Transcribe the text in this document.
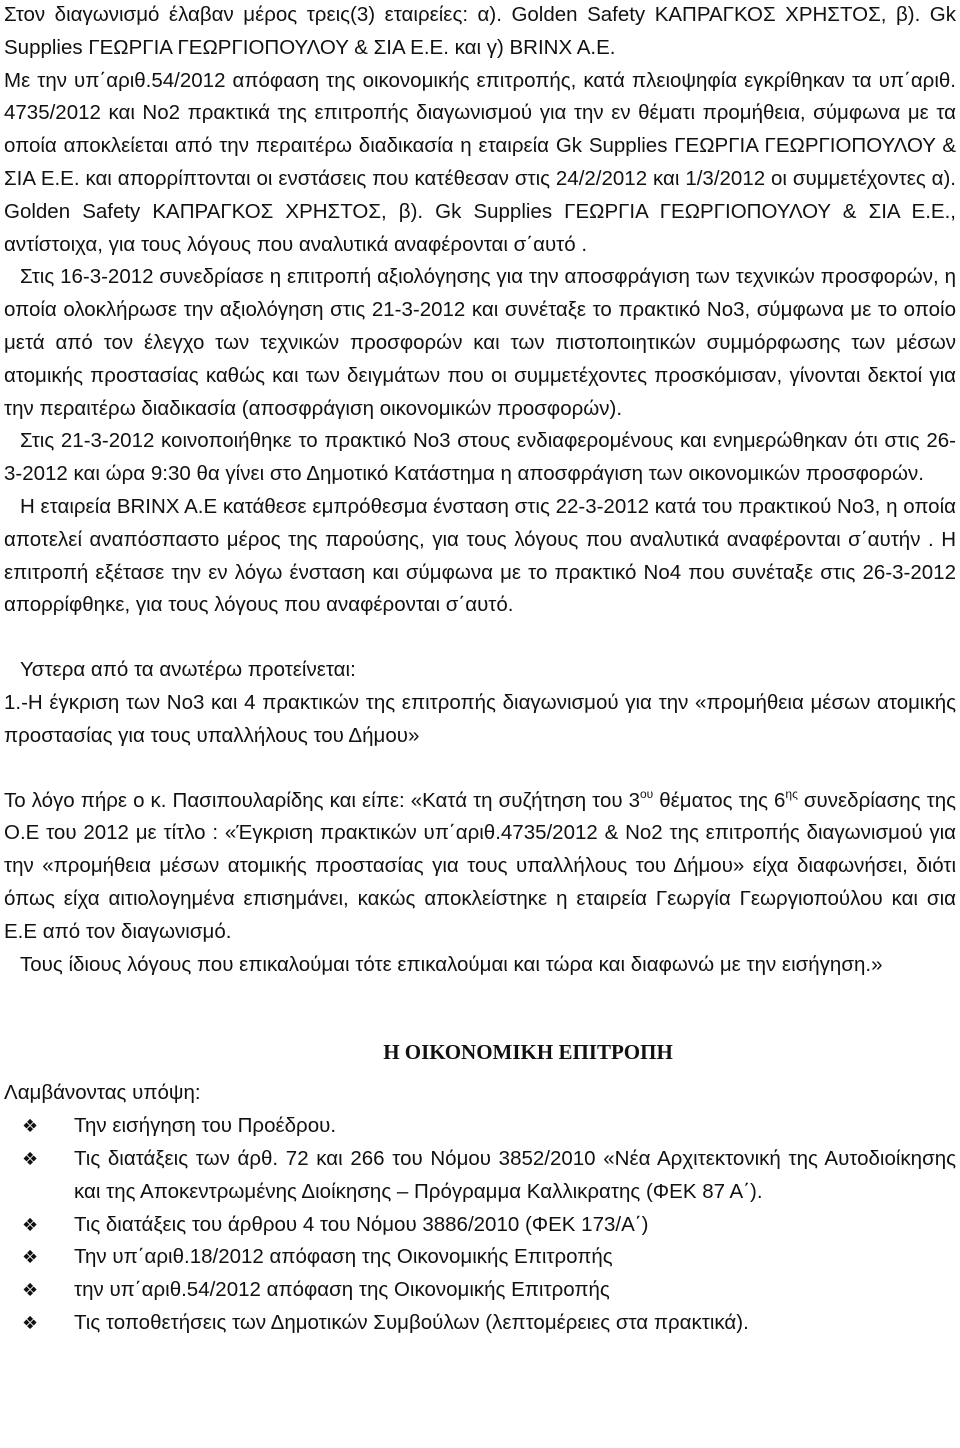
Στον διαγωνισμό έλαβαν μέρος τρεις(3) εταιρείες: α). Golden Safety ΚΑΠΡΑΓΚΟΣ ΧΡΗΣΤΟΣ, β). Gk Supplies ΓΕΩΡΓΙΑ ΓΕΩΡΓΙΟΠΟΥΛΟΥ & ΣΙΑ Ε.Ε. και γ) BRINX A.E.

Με την υπ΄αριθ.54/2012 απόφαση της οικονομικής επιτροπής, κατά πλειοψηφία εγκρίθηκαν τα υπ΄αριθ. 4735/2012 και Νο2 πρακτικά της επιτροπής διαγωνισμού για την εν θέματι προμήθεια, σύμφωνα με τα οποία αποκλείεται από την περαιτέρω διαδικασία η εταιρεία Gk Supplies ΓΕΩΡΓΙΑ ΓΕΩΡΓΙΟΠΟΥΛΟΥ & ΣΙΑ Ε.Ε. και απορρίπτονται οι ενστάσεις που κατέθεσαν στις 24/2/2012 και 1/3/2012 οι συμμετέχοντες α). Golden Safety ΚΑΠΡΑΓΚΟΣ ΧΡΗΣΤΟΣ, β). Gk Supplies ΓΕΩΡΓΙΑ ΓΕΩΡΓΙΟΠΟΥΛΟΥ & ΣΙΑ Ε.Ε., αντίστοιχα, για τους λόγους που αναλυτικά αναφέρονται σ΄αυτό .

Στις 16-3-2012 συνεδρίασε η επιτροπή αξιολόγησης για την αποσφράγιση των τεχνικών προσφορών, η οποία ολοκλήρωσε την αξιολόγηση στις 21-3-2012 και συνέταξε το πρακτικό Νο3, σύμφωνα με το οποίο μετά από τον έλεγχο των τεχνικών προσφορών και των πιστοποιητικών συμμόρφωσης των μέσων ατομικής προστασίας καθώς και των δειγμάτων που οι συμμετέχοντες προσκόμισαν, γίνονται δεκτοί για την περαιτέρω διαδικασία (αποσφράγιση οικονομικών προσφορών).

Στις 21-3-2012 κοινοποιήθηκε το πρακτικό Νο3 στους ενδιαφερομένους και ενημερώθηκαν ότι στις 26-3-2012 και ώρα 9:30 θα γίνει στο Δημοτικό Κατάστημα η αποσφράγιση των οικονομικών προσφορών.

Η εταιρεία BRINX A.E κατάθεσε εμπρόθεσμα ένσταση στις 22-3-2012 κατά του πρακτικού Νο3, η οποία αποτελεί αναπόσπαστο μέρος της παρούσης, για τους λόγους που αναλυτικά αναφέρονται σ΄αυτήν . Η επιτροπή εξέτασε την εν λόγω ένσταση και σύμφωνα με το πρακτικό Νο4 που συνέταξε στις 26-3-2012 απορρίφθηκε, για τους λόγους που αναφέρονται σ΄αυτό.

Υστερα από τα ανωτέρω προτείνεται:

1.-Η έγκριση των Νο3 και 4 πρακτικών της επιτροπής διαγωνισμού για την «προμήθεια μέσων ατομικής προστασίας για τους υπαλλήλους του Δήμου»

Το λόγο πήρε ο κ. Πασιπουλαρίδης και είπε: «Κατά τη συζήτηση του $3^{o\upsilon}$ θέματος της $6^{\eta\varsigma}$ συνεδρίασης της Ο.Ε του 2012 με τίτλο : «Έγκριση πρακτικών υπ΄αριθ.4735/2012 & Νο2 της επιτροπής διαγωνισμού για την «προμήθεια μέσων ατομικής προστασίας για τους υπαλλήλους του Δήμου» είχα διαφωνήσει, διότι όπως είχα αιτιολογημένα επισημάνει, κακώς αποκλείστηκε η εταιρεία Γεωργία Γεωργιοπούλου και σια Ε.Ε από τον διαγωνισμό.

Τους ίδιους λόγους που επικαλούμαι τότε επικαλούμαι και τώρα και διαφωνώ με την εισήγηση.»

Η ΟΙΚΟΝΟΜΙΚΗ ΕΠΙΤΡΟΠΗ

Λαμβάνοντας υπόψη:

❖ Την εισήγηση του Προέδρου.
❖ Τις διατάξεις των άρθ. 72 και 266 του Νόμου 3852/2010 «Νέα Αρχιτεκτονική της Αυτοδιοίκησης και της Αποκεντρωμένης Διοίκησης – Πρόγραμμα Καλλικρατης (ΦΕΚ 87 Α΄).
❖ Τις διατάξεις του άρθρου 4 του Νόμου 3886/2010 (ΦΕΚ 173/Α΄)
❖ Την υπ΄αριθ.18/2012 απόφαση της Οικονομικής Επιτροπής
❖ την υπ΄αριθ.54/2012 απόφαση της Οικονομικής Επιτροπής
❖ Τις τοποθετήσεις των Δημοτικών Συμβούλων (λεπτομέρειες στα πρακτικά).
